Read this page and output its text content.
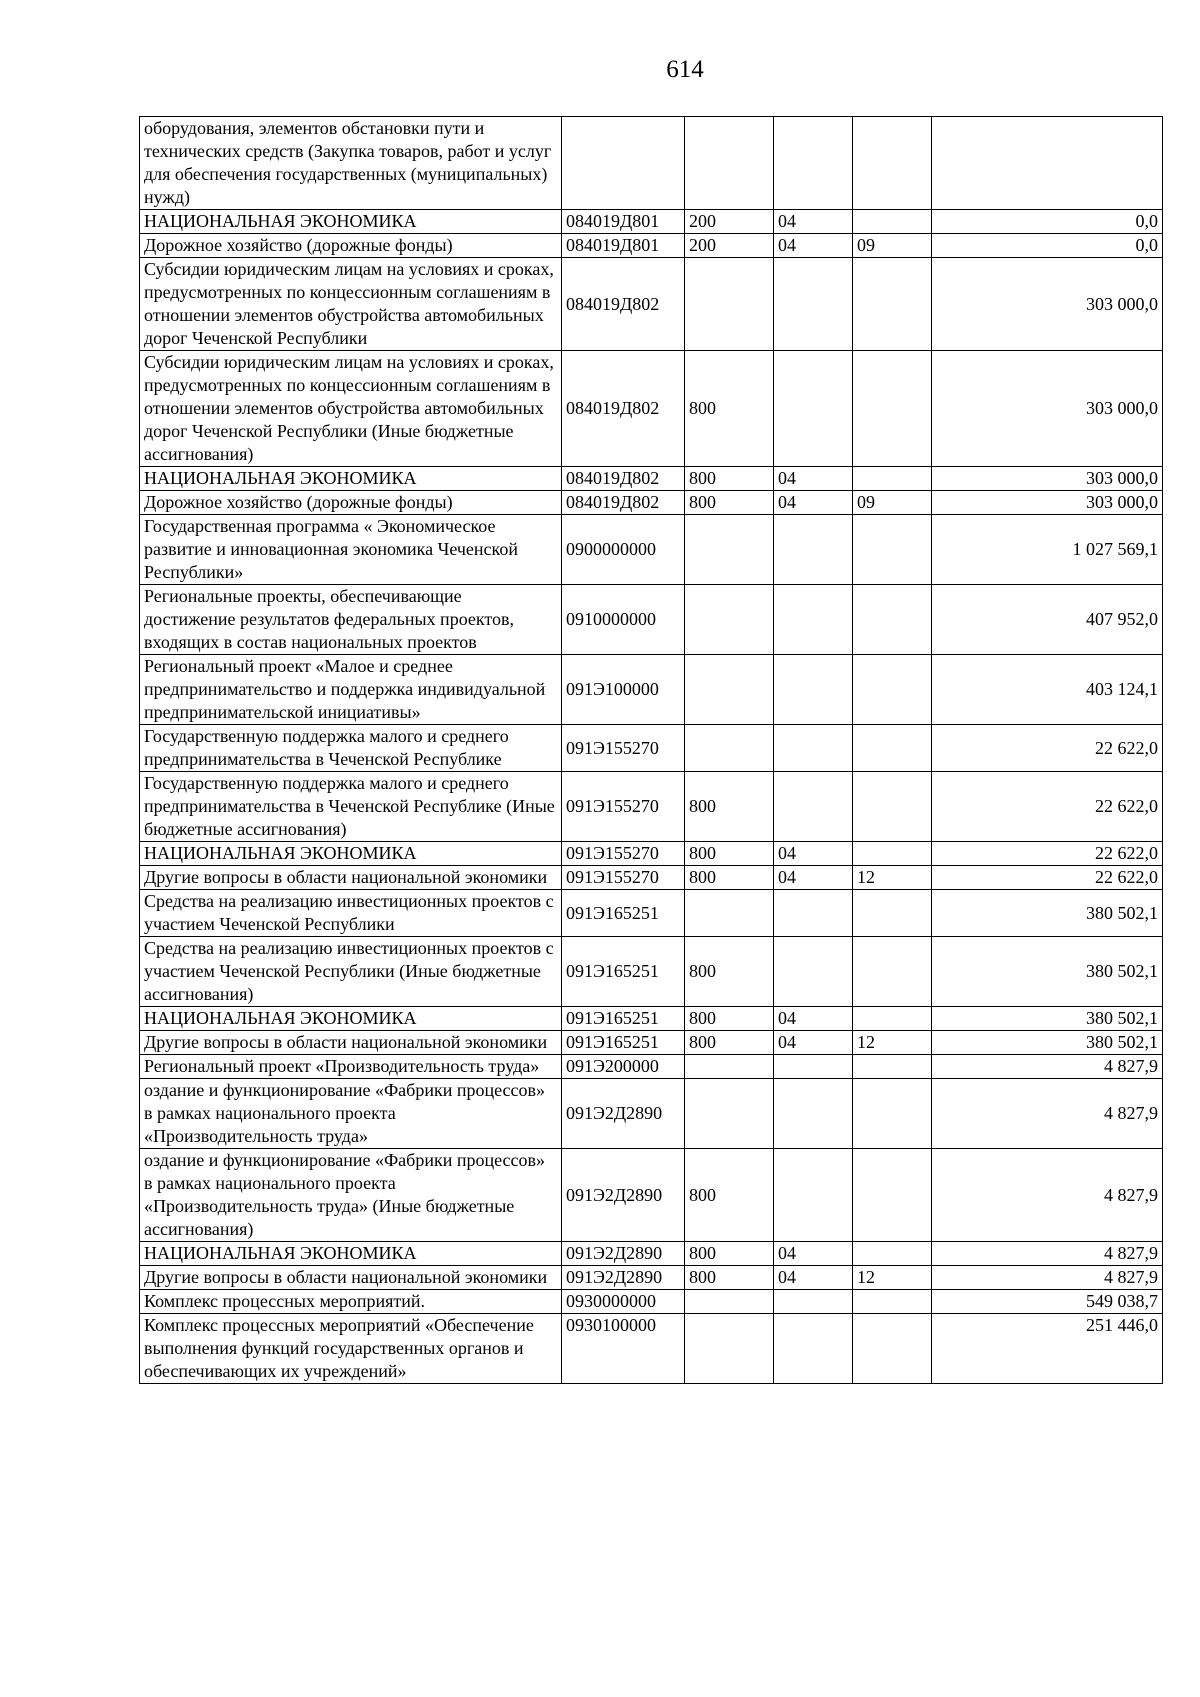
614
оборудования, элементов обстановки пути и технических средств (Закупка товаров, работ и услуг для обеспечения государственных (муниципальных) нужд)					
НАЦИОНАЛЬНАЯ ЭКОНОМИКА	084019Д801	200	04		0,0
Дорожное хозяйство (дорожные фонды)	084019Д801	200	04	09	0,0
Субсидии юридическим лицам на условиях и сроках, предусмотренных по концессионным соглашениям в отношении элементов обустройства автомобильных дорог Чеченской Республики	084019Д802				303 000,0
Субсидии юридическим лицам на условиях и сроках, предусмотренных по концессионным соглашениям в отношении элементов обустройства автомобильных дорог Чеченской Республики (Иные бюджетные ассигнования)	084019Д802	800			303 000,0
НАЦИОНАЛЬНАЯ ЭКОНОМИКА	084019Д802	800	04		303 000,0
Дорожное хозяйство (дорожные фонды)	084019Д802	800	04	09	303 000,0
Государственная программа « Экономическое развитие и инновационная экономика Чеченской Республики»	0900000000				1 027 569,1
Региональные проекты, обеспечивающие достижение результатов федеральных проектов, входящих в состав национальных проектов	0910000000				407 952,0
Региональный проект «Малое и среднее предпринимательство и поддержка индивидуальной предпринимательской инициативы»	091Э100000				403 124,1
Государственную поддержка малого и среднего предпринимательства в Чеченской Республике	091Э155270				22 622,0
Государственную поддержка малого и среднего предпринимательства в Чеченской Республике (Иные бюджетные ассигнования)	091Э155270	800			22 622,0
НАЦИОНАЛЬНАЯ ЭКОНОМИКА	091Э155270	800	04		22 622,0
Другие вопросы в области национальной экономики	091Э155270	800	04	12	22 622,0
Средства на реализацию инвестиционных проектов с участием Чеченской Республики	091Э165251				380 502,1
Средства на реализацию инвестиционных проектов с участием Чеченской Республики (Иные бюджетные ассигнования)	091Э165251	800			380 502,1
НАЦИОНАЛЬНАЯ ЭКОНОМИКА	091Э165251	800	04		380 502,1
Другие вопросы в области национальной экономики	091Э165251	800	04	12	380 502,1
Региональный проект «Производительность труда»	091Э200000				4 827,9
оздание и функционирование «Фабрики процессов» в рамках национального проекта «Производительность труда»	091Э2Д2890				4 827,9
оздание и функционирование «Фабрики процессов» в рамках национального проекта «Производительность труда» (Иные бюджетные ассигнования)	091Э2Д2890	800			4 827,9
НАЦИОНАЛЬНАЯ ЭКОНОМИКА	091Э2Д2890	800	04		4 827,9
Другие вопросы в области национальной экономики	091Э2Д2890	800	04	12	4 827,9
Комплекс процессных мероприятий.	0930000000				549 038,7
Комплекс процессных мероприятий «Обеспечение выполнения функций государственных органов и обеспечивающих их учреждений»	0930100000				251 446,0
